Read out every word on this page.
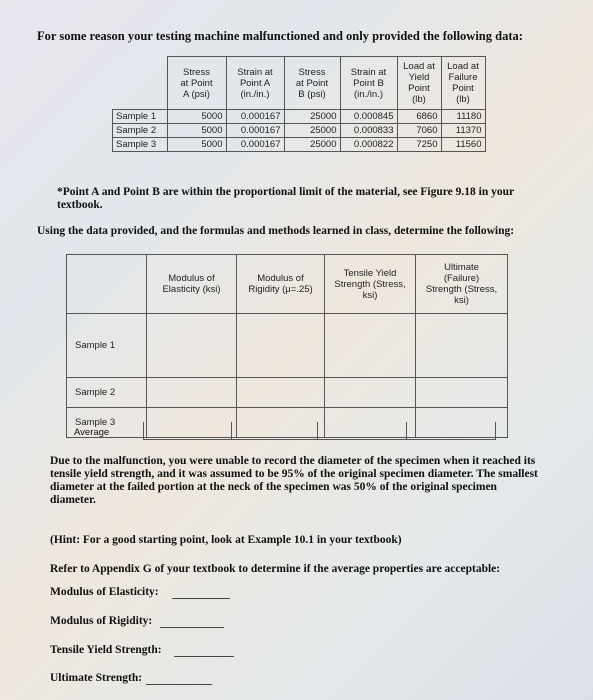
For some reason your testing machine malfunctioned and only provided the following data:
	Stress
at Point
A (psi)	Strain at
Point A
(in./in.)	Stress
at Point
B (psi)	Strain at
Point B
(in./in.)	Load at
Yield
Point
(lb)	Load at
Failure
Point
(lb)
Sample 1	5000	0.000167	25000	0.000845	6860	11180
Sample 2	5000	0.000167	25000	0.000833	7060	11370
Sample 3	5000	0.000167	25000	0.000822	7250	11560
*Point A and Point B are within the proportional limit of the material, see Figure 9.18 in your textbook.
Using the data provided, and the formulas and methods learned in class, determine the following:
	Modulus of
Elasticity (ksi)	Modulus of
Rigidity (μ=.25)	Tensile Yield
Strength (Stress,
ksi)	Ultimate
(Failure)
Strength (Stress,
ksi)
Sample 1				
Sample 2				
Sample 3				
Average
Due to the malfunction, you were unable to record the diameter of the specimen when it reached its tensile yield strength, and it was assumed to be 95% of the original specimen diameter. The smallest diameter at the failed portion at the neck of the specimen was 50% of the original specimen diameter.
(Hint: For a good starting point, look at Example 10.1 in your textbook)
Refer to Appendix G of your textbook to determine if the average properties are acceptable:
Modulus of Elasticity:
Modulus of Rigidity:
Tensile Yield Strength:
Ultimate Strength:
